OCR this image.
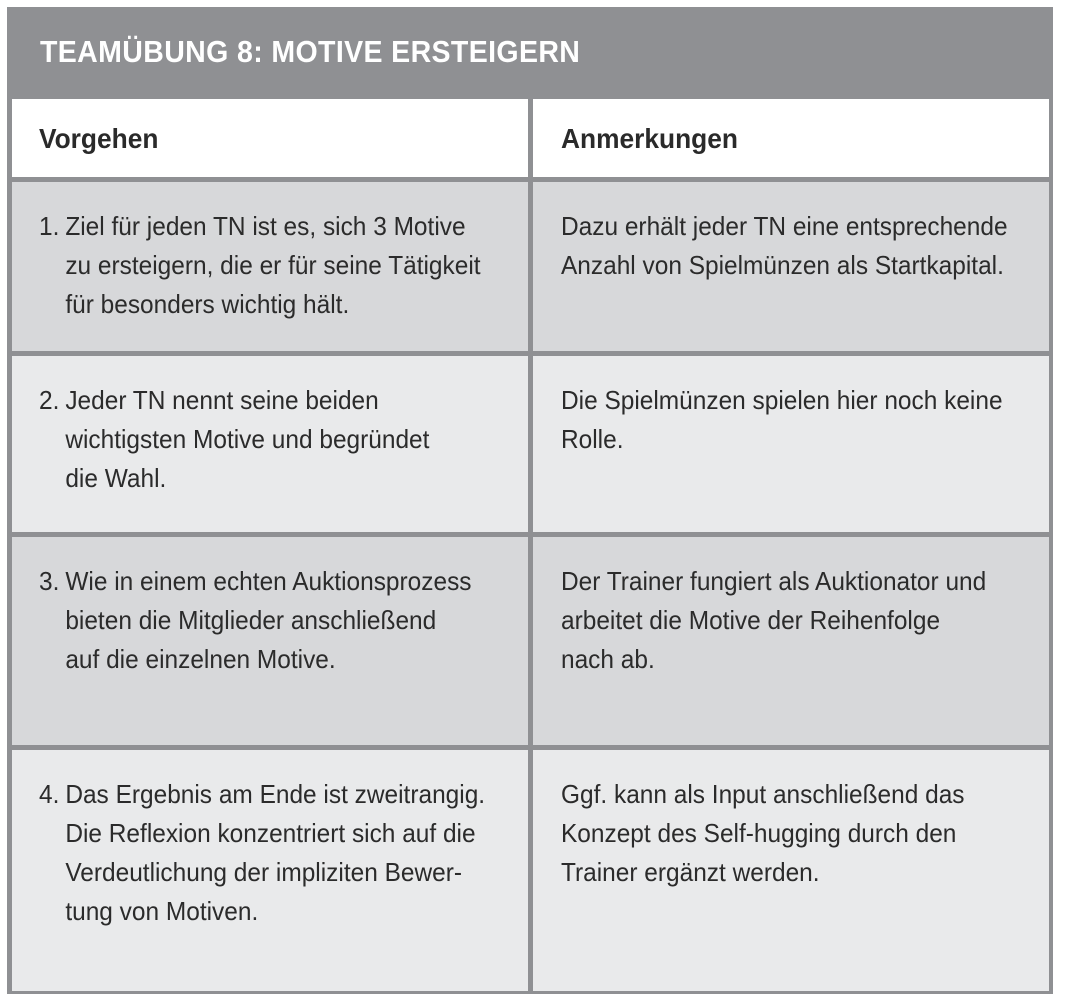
TEAMÜBUNG 8: MOTIVE ERSTEIGERN
Vorgehen	Anmerkungen
1. Ziel für jeden TN ist es, sich 3 Motive
zu ersteigern, die er für seine Tätigkeit
für besonders wichtig hält.
Dazu erhält jeder TN eine entsprechende
Anzahl von Spielmünzen als Startkapital.
2. Jeder TN nennt seine beiden
wichtigsten Motive und begründet
die Wahl.
Die Spielmünzen spielen hier noch keine
Rolle.
3. Wie in einem echten Auktionsprozess
bieten die Mitglieder anschließend
auf die einzelnen Motive.
Der Trainer fungiert als Auktionator und
arbeitet die Motive der Reihenfolge
nach ab.
4. Das Ergebnis am Ende ist zweitrangig.
Die Reflexion konzentriert sich auf die
Verdeutlichung der impliziten Bewer-
tung von Motiven.
Ggf. kann als Input anschließend das
Konzept des Self-hugging durch den
Trainer ergänzt werden.
